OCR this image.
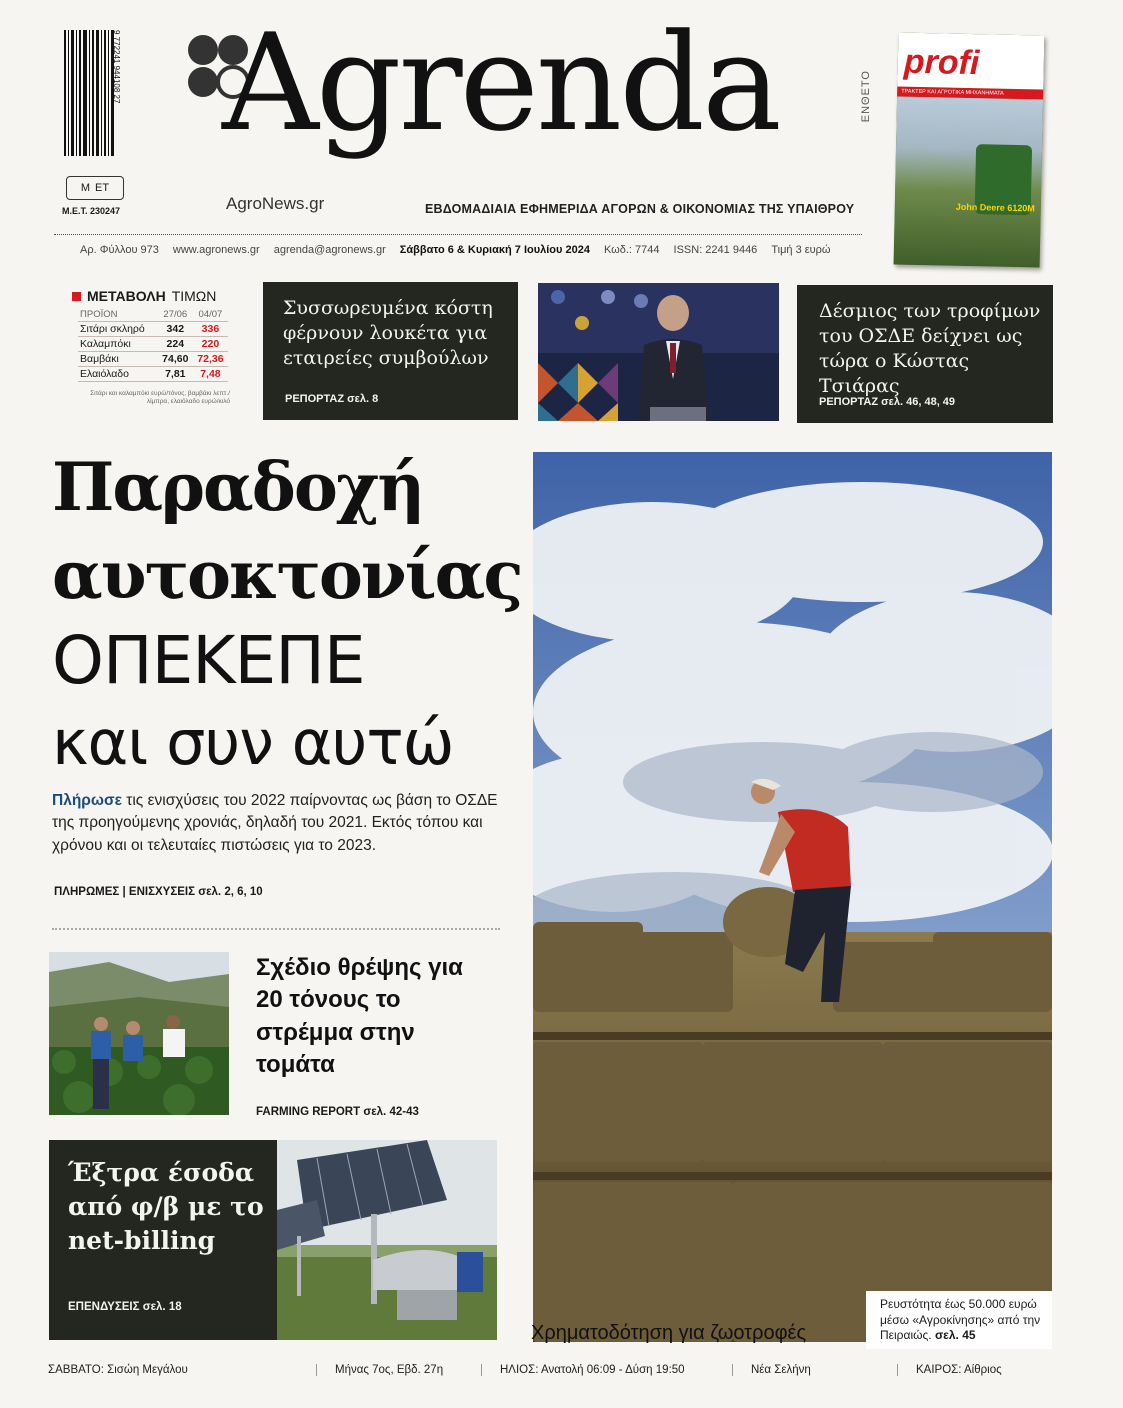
9 772241 944108 27
Μ ΕΤ
Μ.Ε.Τ. 230247
Agrenda
AgroNews.gr	ΕΒΔΟΜΑΔΙΑΙΑ ΕΦΗΜΕΡΙΔΑ ΑΓΟΡΩΝ & ΟΙΚΟΝΟΜΙΑΣ ΤΗΣ ΥΠΑΙΘΡΟΥ
Αρ. Φύλλου 973 www.agronews.gr agrenda@agronews.gr Σάββατο 6 & Κυριακή 7 Ιουλίου 2024 Κωδ.: 7744 ISSN: 2241 9446 Τιμή 3 ευρώ
ΕΝΘΕΤΟ
profi
ΤΡΑΚΤΕΡ ΚΑΙ ΑΓΡΟΤΙΚΑ ΜΗΧΑΝΗΜΑΤΑ
John Deere 6120M
ΜΕΤΑΒΟΛΗ ΤΙΜΩΝ
ΠΡΟΪΟΝ	27/06	04/07
Σιτάρι σκληρό	342	336
Καλαμπόκι	224	220
Βαμβάκι	74,60	72,36
Ελαιόλαδο	7,81	7,48
Σιτάρι και καλαμπόκι ευρώ/τόνος, βαμβάκι λεπτ./λίμπρα, ελαιόλαδο ευρώ/κιλό
Συσσωρευμένα κόστη φέρνουν λουκέτα για εταιρείες συμβούλων
ΡΕΠΟΡΤΑΖ σελ. 8
Δέσμιος των τροφίμων του ΟΣΔΕ δείχνει ως τώρα ο Κώστας Τσιάρας
ΡΕΠΟΡΤΑΖ σελ. 46, 48, 49
Παραδοχή
αυτοκτονίας
ΟΠΕΚΕΠΕ
και συν αυτώ
Πλήρωσε τις ενισχύσεις του 2022 παίρνοντας ως βάση το ΟΣΔΕ της προηγούμενης χρονιάς, δηλαδή του 2021. Εκτός τόπου και χρόνου και οι τελευταίες πιστώσεις για το 2023.
ΠΛΗΡΩΜΕΣ | ΕΝΙΣΧΥΣΕΙΣ σελ. 2, 6, 10
Χρηματοδότηση για ζωοτροφές
Ρευστότητα έως 50.000 ευρώ μέσω «Αγροκίνησης» από την Πειραιώς. σελ. 45
Σχέδιο θρέψης για 20 τόνους το στρέμμα στην τομάτα
FARMING REPORT σελ. 42-43
Έξτρα έσοδα από φ/β με το net-billing
ΕΠΕΝΔΥΣΕΙΣ σελ. 18
ΣΑΒΒΑΤΟ: Σισώη Μεγάλου	Μήνας 7ος, Εβδ. 27η	ΗΛΙΟΣ: Ανατολή 06:09 - Δύση 19:50	Νέα Σελήνη	ΚΑΙΡΟΣ: Αίθριος
